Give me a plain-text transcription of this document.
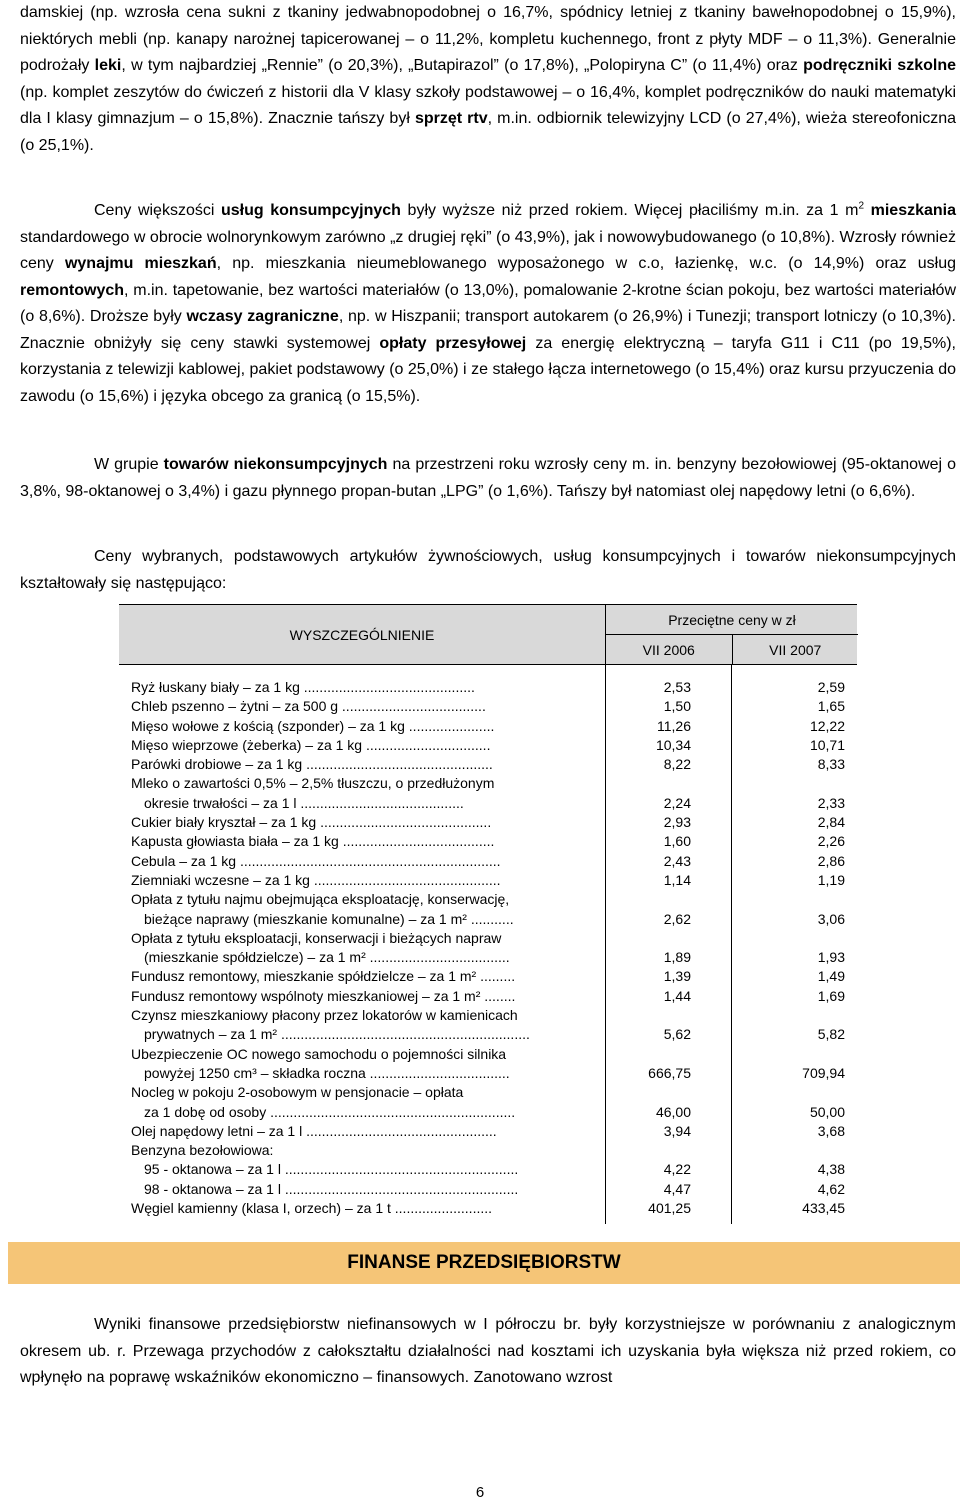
damskiej (np. wzrosła cena sukni z tkaniny jedwabnopodobnej o 16,7%, spódnicy letniej z tkaniny bawełnopodobnej o 15,9%), niektórych mebli (np. kanapy narożnej tapicerowanej – o 11,2%, kompletu kuchennego, front z płyty MDF – o 11,3%). Generalnie podrożały leki, w tym najbardziej „Rennie” (o 20,3%), „Butapirazol” (o 17,8%), „Polopiryna C” (o 11,4%) oraz podręczniki szkolne (np. komplet zeszytów do ćwiczeń z historii dla V klasy szkoły podstawowej – o 16,4%, komplet podręczników do nauki matematyki dla I klasy gimnazjum – o 15,8%). Znacznie tańszy był sprzęt rtv, m.in. odbiornik telewizyjny LCD (o 27,4%), wieża stereofoniczna (o 25,1%).

Ceny większości usług konsumpcyjnych były wyższe niż przed rokiem. Więcej płaciliśmy m.in. za 1 $m^2$ mieszkania standardowego w obrocie wolnorynkowym zarówno „z drugiej ręki” (o 43,9%), jak i nowowybudowanego (o 10,8%). Wzrosły również ceny wynajmu mieszkań, np. mieszkania nieumeblowanego wyposażonego w c.o, łazienkę, w.c. (o 14,9%) oraz usług remontowych, m.in. tapetowanie, bez wartości materiałów (o 13,0%), pomalowanie 2-krotne ścian pokoju, bez wartości materiałów (o 8,6%). Droższe były wczasy zagraniczne, np. w Hiszpanii; transport autokarem (o 26,9%) i Tunezji; transport lotniczy (o 10,3%). Znacznie obniżyły się ceny stawki systemowej opłaty przesyłowej za energię elektryczną – taryfa G11 i C11 (po 19,5%), korzystania z telewizji kablowej, pakiet podstawowy (o 25,0%) i ze stałego łącza internetowego (o 15,4%) oraz kursu przyuczenia do zawodu (o 15,6%) i języka obcego za granicą (o 15,5%).

W grupie towarów niekonsumpcyjnych na przestrzeni roku wzrosły ceny m. in. benzyny bezołowiowej (95-oktanowej o 3,8%, 98-oktanowej o 3,4%) i gazu płynnego propan-butan „LPG” (o 1,6%). Tańszy był natomiast olej napędowy letni (o 6,6%).

Ceny wybranych, podstawowych artykułów żywnościowych, usług konsumpcyjnych i towarów niekonsumpcyjnych kształtowały się następująco:

WYSZCZEGÓLNIENIE
Przeciętne ceny w zł
VII 2006	VII 2007
Ryż łuskany biały – za 1 kg ............................................	2,53	2,59
Chleb pszenno – żytni – za 500 g .....................................	1,50	1,65
Mięso wołowe z kością (szponder) – za 1 kg ......................	11,26	12,22
Mięso wieprzowe (żeberka) – za 1 kg ................................	10,34	10,71
Parówki drobiowe – za 1 kg ................................................	8,22	8,33
Mleko o zawartości 0,5% – 2,5% tłuszczu, o przedłużonym
okresie trwałości – za 1 l ..........................................	2,24	2,33
Cukier biały kryształ – za 1 kg ............................................	2,93	2,84
Kapusta głowiasta biała – za 1 kg .......................................	1,60	2,26
Cebula – za 1 kg ...................................................................	2,43	2,86
Ziemniaki wczesne – za 1 kg ................................................	1,14	1,19
Opłata z tytułu najmu obejmująca eksploatację, konserwację,
bieżące naprawy (mieszkanie komunalne) – za 1 m² ...........	2,62	3,06
Opłata z tytułu eksploatacji, konserwacji i bieżących napraw
(mieszkanie spółdzielcze) – za 1 m² ....................................	1,89	1,93
Fundusz remontowy, mieszkanie spółdzielcze – za 1 m² .........	1,39	1,49
Fundusz remontowy wspólnoty mieszkaniowej – za 1 m² ........	1,44	1,69
Czynsz mieszkaniowy płacony przez lokatorów w kamienicach
prywatnych – za 1 m² ................................................................	5,62	5,82
Ubezpieczenie OC nowego samochodu o pojemności silnika
powyżej 1250 cm³ – składka roczna ....................................	666,75	709,94
Nocleg w pokoju 2-osobowym w pensjonacie – opłata
za 1 dobę od osoby ...............................................................	46,00	50,00
Olej napędowy letni – za 1 l .................................................	3,94	3,68
Benzyna bezołowiowa:
95 - oktanowa – za 1 l ............................................................	4,22	4,38
98 - oktanowa – za 1 l ............................................................	4,47	4,62
Węgiel kamienny (klasa I, orzech) – za 1 t .........................	401,25	433,45
FINANSE PRZEDSIĘBIORSTW

Wyniki finansowe przedsiębiorstw niefinansowych w I półroczu br. były korzystniejsze w porównaniu z analogicznym okresem ub. r. Przewaga przychodów z całokształtu działalności nad kosztami ich uzyskania była większa niż przed rokiem, co wpłynęło na poprawę wskaźników ekonomiczno – finansowych. Zanotowano wzrost

6
